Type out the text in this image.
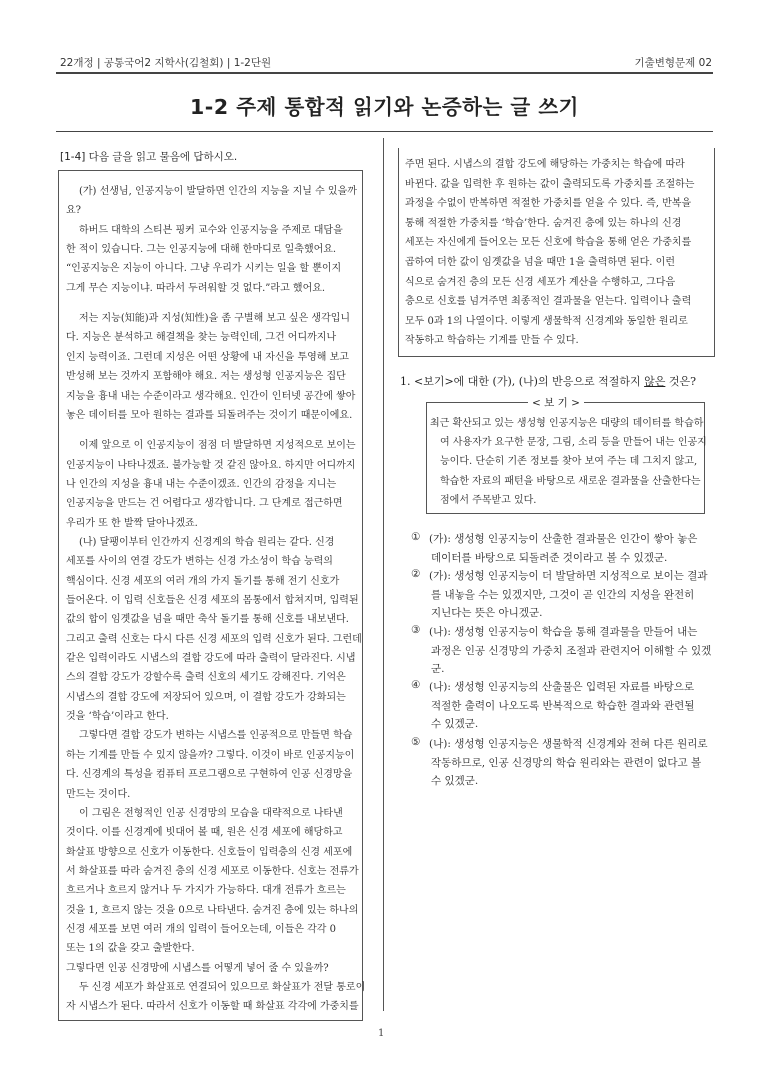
22개정 | 공통국어2 지학사(김철회) | 1-2단원	기출변형문제 02
1-2 주제 통합적 읽기와 논증하는 글 쓰기
[1-4] 다음 글을 읽고 물음에 답하시오.
(가) 선생님, 인공지능이 발달하면 인간의 지능을 지닐 수 있을까
요?
하버드 대학의 스티븐 핑커 교수와 인공지능을 주제로 대담을
한 적이 있습니다. 그는 인공지능에 대해 한마디로 일축했어요.
“인공지능은 지능이 아니다. 그냥 우리가 시키는 일을 할 뿐이지
그게 무슨 지능이냐. 따라서 두려워할 것 없다.”라고 했어요.
저는 지능(知能)과 지성(知性)을 좀 구별해 보고 싶은 생각입니
다. 지능은 분석하고 해결책을 찾는 능력인데, 그건 어디까지나
인지 능력이죠. 그런데 지성은 어떤 상황에 내 자신을 투영해 보고
반성해 보는 것까지 포함해야 해요. 저는 생성형 인공지능은 집단
지능을 흉내 내는 수준이라고 생각해요. 인간이 인터넷 공간에 쌓아
놓은 데이터를 모아 원하는 결과를 되돌려주는 것이기 때문이에요.
이제 앞으로 이 인공지능이 점점 더 발달하면 지성적으로 보이는
인공지능이 나타나겠죠. 불가능할 것 같진 않아요. 하지만 어디까지
나 인간의 지성을 흉내 내는 수준이겠죠. 인간의 감정을 지니는
인공지능을 만드는 건 어렵다고 생각합니다. 그 단계로 접근하면
우리가 또 한 발짝 달아나겠죠.
(나) 달팽이부터 인간까지 신경계의 학습 원리는 같다. 신경
세포를 사이의 연결 강도가 변하는 신경 가소성이 학습 능력의
핵심이다. 신경 세포의 여러 개의 가지 돌기를 통해 전기 신호가
들어온다. 이 입력 신호들은 신경 세포의 몸통에서 합쳐지며, 입력된
값의 합이 임곗값을 넘을 때만 축삭 돌기를 통해 신호를 내보낸다.
그리고 출력 신호는 다시 다른 신경 세포의 입력 신호가 된다. 그런데
같은 입력이라도 시냅스의 결합 강도에 따라 출력이 달라진다. 시냅
스의 결합 강도가 강할수록 출력 신호의 세기도 강해진다. 기억은
시냅스의 결합 강도에 저장되어 있으며, 이 결합 강도가 강화되는
것을 ‘학습’이라고 한다.
그렇다면 결합 강도가 변하는 시냅스를 인공적으로 만들면 학습
하는 기계를 만들 수 있지 않을까? 그렇다. 이것이 바로 인공지능이
다. 신경계의 특성을 컴퓨터 프로그램으로 구현하여 인공 신경망을
만드는 것이다.
이 그림은 전형적인 인공 신경망의 모습을 대략적으로 나타낸
것이다. 이를 신경계에 빗대어 볼 때, 원은 신경 세포에 해당하고
화살표 방향으로 신호가 이동한다. 신호들이 입력층의 신경 세포에
서 화살표를 따라 숨겨진 층의 신경 세포로 이동한다. 신호는 전류가
흐르거나 흐르지 않거나 두 가지가 가능하다. 대개 전류가 흐르는
것을 1, 흐르지 않는 것을 0으로 나타낸다. 숨겨진 층에 있는 하나의
신경 세포를 보면 여러 개의 입력이 들어오는데, 이들은 각각 0
또는 1의 값을 갖고 출발한다.
그렇다면 인공 신경망에 시냅스를 어떻게 넣어 줄 수 있을까?
두 신경 세포가 화살표로 연결되어 있으므로 화살표가 전달 통로이
자 시냅스가 된다. 따라서 신호가 이동할 때 화살표 각각에 가중치를
주면 된다. 시냅스의 결합 강도에 해당하는 가중치는 학습에 따라
바뀐다. 값을 입력한 후 원하는 값이 출력되도록 가중치를 조절하는
과정을 수없이 반복하면 적절한 가중치를 얻을 수 있다. 즉, 반복을
통해 적절한 가중치를 ‘학습’한다. 숨겨진 층에 있는 하나의 신경
세포는 자신에게 들어오는 모든 신호에 학습을 통해 얻은 가중치를
곱하여 더한 값이 임곗값을 넘을 때만 1을 출력하면 된다. 이런
식으로 숨겨진 층의 모든 신경 세포가 계산을 수행하고, 그다음
층으로 신호를 넘겨주면 최종적인 결과물을 얻는다. 입력이나 출력
모두 0과 1의 나열이다. 이렇게 생물학적 신경계와 동일한 원리로
작동하고 학습하는 기계를 만들 수 있다.
1. <보기>에 대한 (가), (나)의 반응으로 적절하지 않은 것은?
< 보 기 >
최근 확산되고 있는 생성형 인공지능은 대량의 데이터를 학습하
여 사용자가 요구한 문장, 그림, 소리 등을 만들어 내는 인공지
능이다. 단순히 기존 정보를 찾아 보여 주는 데 그치지 않고,
학습한 자료의 패턴을 바탕으로 새로운 결과물을 산출한다는
점에서 주목받고 있다.
① (가): 생성형 인공지능이 산출한 결과물은 인간이 쌓아 놓은
데이터를 바탕으로 되돌려준 것이라고 볼 수 있겠군.
② (가): 생성형 인공지능이 더 발달하면 지성적으로 보이는 결과
를 내놓을 수는 있겠지만, 그것이 곧 인간의 지성을 완전히
지닌다는 뜻은 아니겠군.
③ (나): 생성형 인공지능이 학습을 통해 결과물을 만들어 내는
과정은 인공 신경망의 가중치 조절과 관련지어 이해할 수 있겠
군.
④ (나): 생성형 인공지능의 산출물은 입력된 자료를 바탕으로
적절한 출력이 나오도록 반복적으로 학습한 결과와 관련될
수 있겠군.
⑤ (나): 생성형 인공지능은 생물학적 신경계와 전혀 다른 원리로
작동하므로, 인공 신경망의 학습 원리와는 관련이 없다고 볼
수 있겠군.
1
